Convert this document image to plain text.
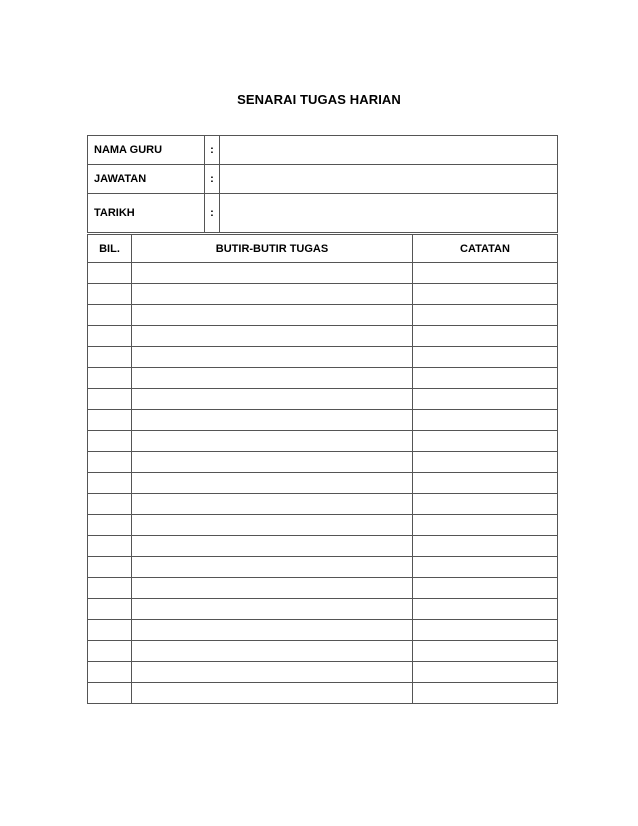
SENARAI TUGAS HARIAN
NAMA GURU	:	
JAWATAN	:	
TARIKH	:	
BIL.	BUTIR-BUTIR TUGAS	CATATAN
